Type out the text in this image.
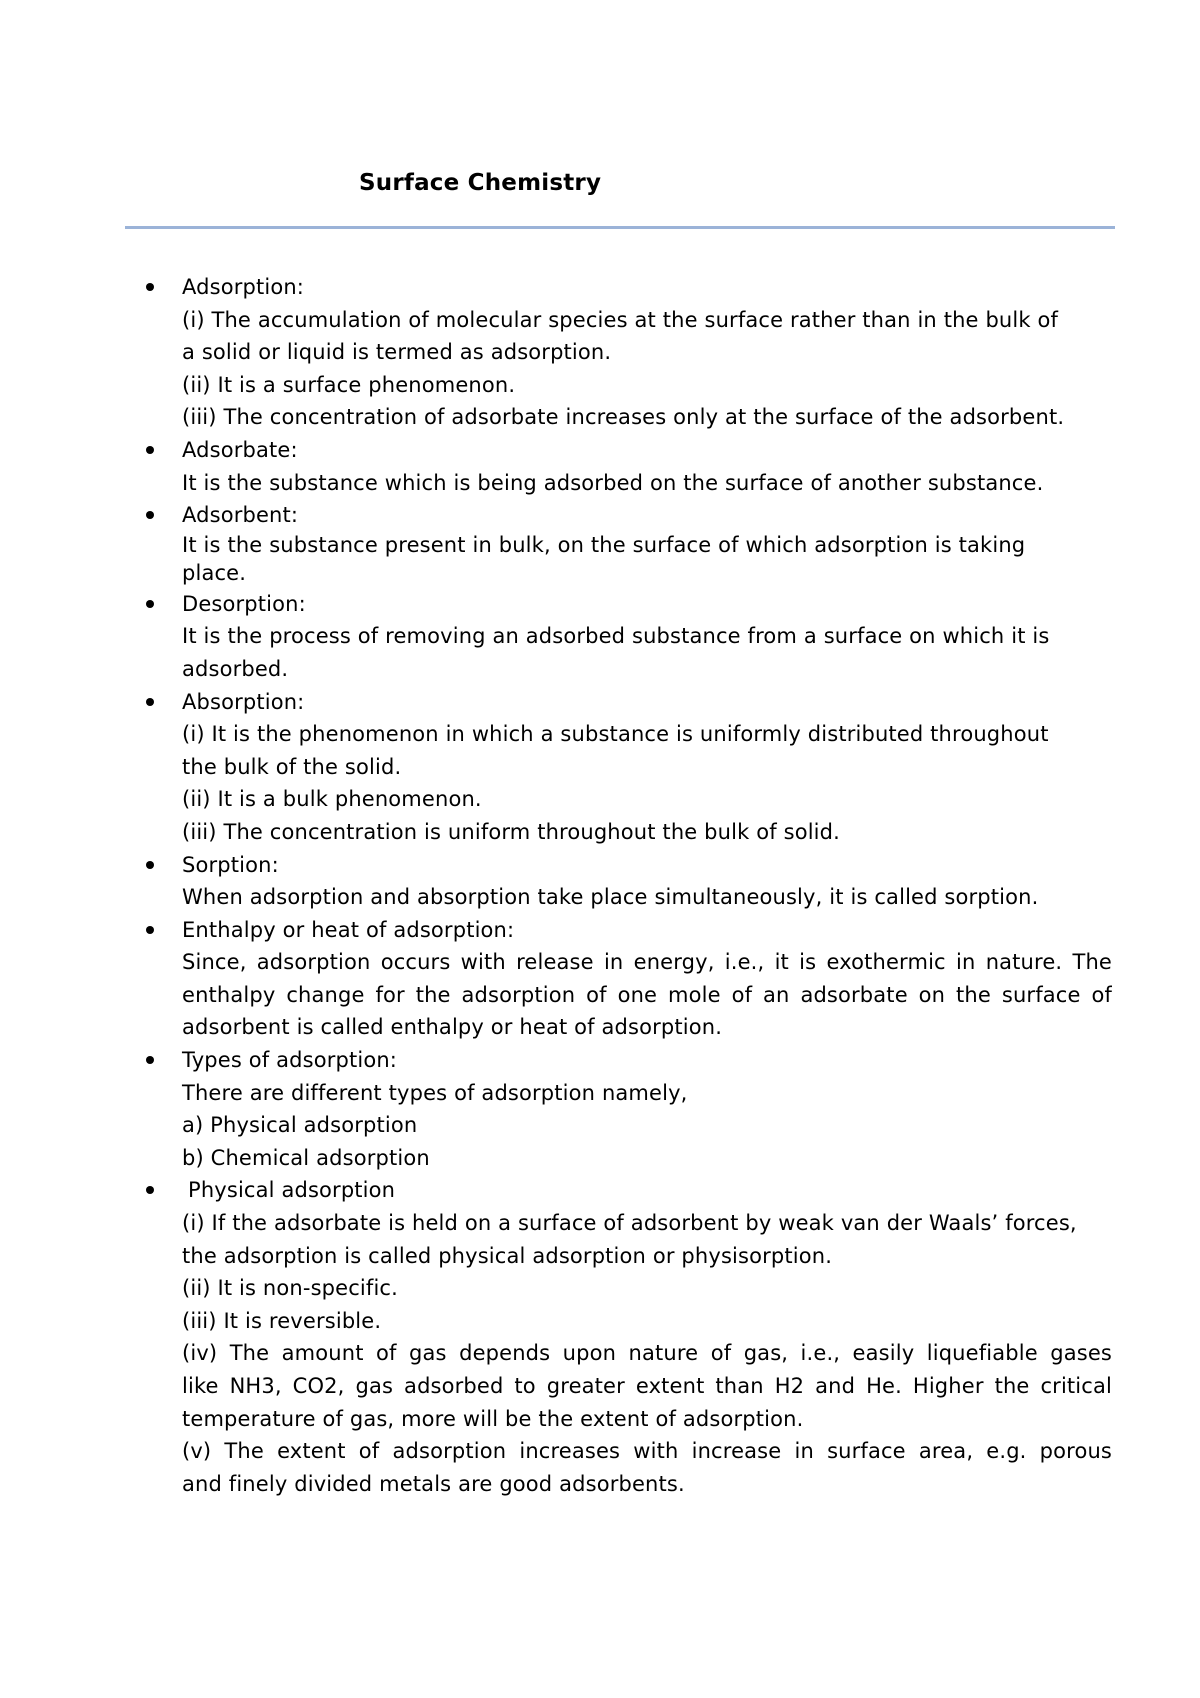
Surface Chemistry
Adsorption:
(i) The accumulation of molecular species at the surface rather than in the bulk of
a solid or liquid is termed as adsorption.
(ii) It is a surface phenomenon.
(iii) The concentration of adsorbate increases only at the surface of the adsorbent.
Adsorbate:
It is the substance which is being adsorbed on the surface of another substance.
Adsorbent:
It is the substance present in bulk, on the surface of which adsorption is taking
place.
Desorption:
It is the process of removing an adsorbed substance from a surface on which it is
adsorbed.
Absorption:
(i) It is the phenomenon in which a substance is uniformly distributed throughout
the bulk of the solid.
(ii) It is a bulk phenomenon.
(iii) The concentration is uniform throughout the bulk of solid.
Sorption:
When adsorption and absorption take place simultaneously, it is called sorption.
Enthalpy or heat of adsorption:
Since, adsorption occurs with release in energy, i.e., it is exothermic in nature. The
enthalpy change for the adsorption of one mole of an adsorbate on the surface of
adsorbent is called enthalpy or heat of adsorption.
Types of adsorption:
There are different types of adsorption namely,
a) Physical adsorption
b) Chemical adsorption
Physical adsorption
(i) If the adsorbate is held on a surface of adsorbent by weak van der Waals’ forces,
the adsorption is called physical adsorption or physisorption.
(ii) It is non-specific.
(iii) It is reversible.
(iv) The amount of gas depends upon nature of gas, i.e., easily liquefiable gases
like NH3, CO2, gas adsorbed to greater extent than H2 and He. Higher the critical
temperature of gas, more will be the extent of adsorption.
(v) The extent of adsorption increases with increase in surface area, e.g. porous
and finely divided metals are good adsorbents.
